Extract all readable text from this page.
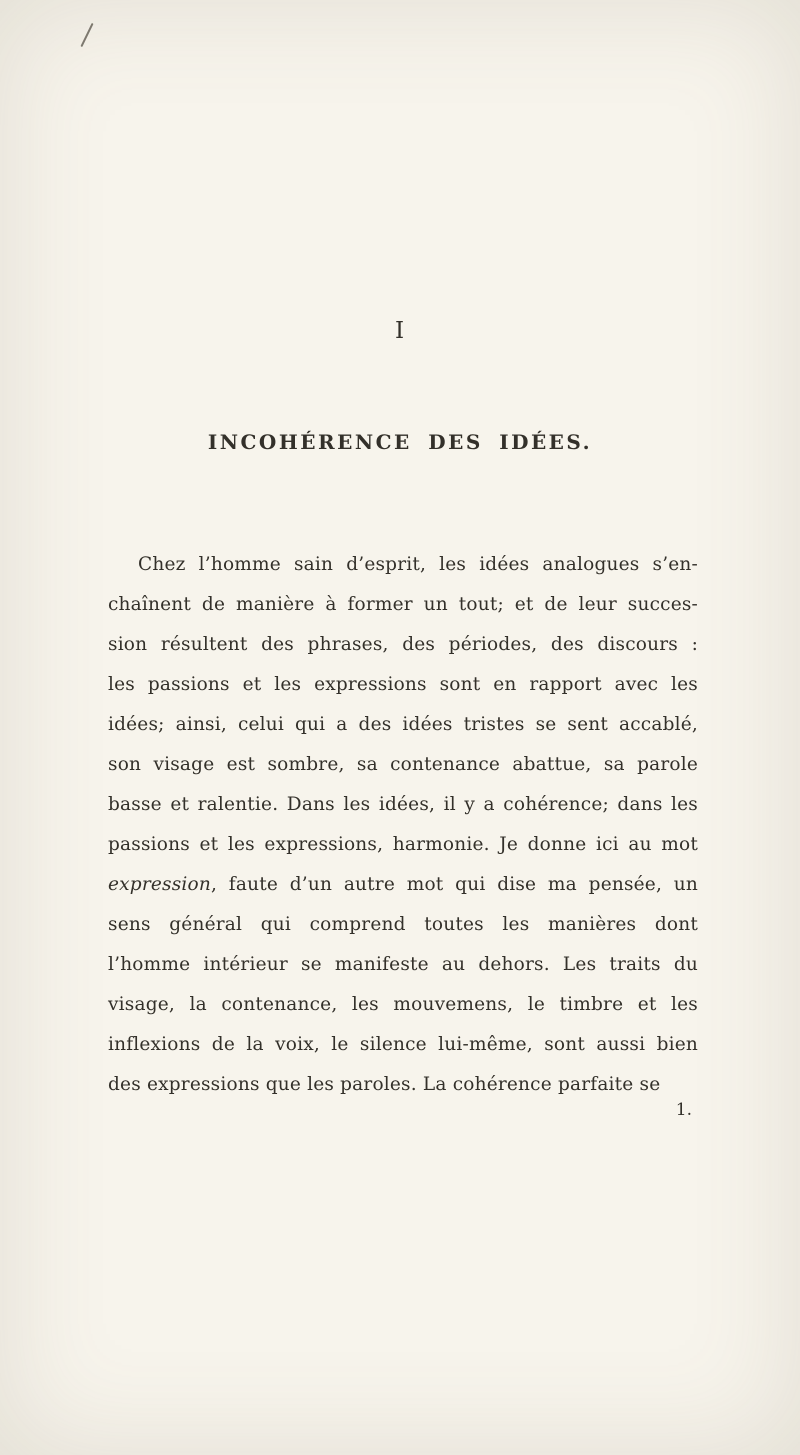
I
INCOHÉRENCE DES IDÉES.
Chez l’homme sain d’esprit, les idées analogues s’en-
chaînent de manière à former un tout; et de leur succes-
sion résultent des phrases, des périodes, des discours :
les passions et les expressions sont en rapport avec les
idées; ainsi, celui qui a des idées tristes se sent accablé,
son visage est sombre, sa contenance abattue, sa parole
basse et ralentie. Dans les idées, il y a cohérence; dans les
passions et les expressions, harmonie. Je donne ici au mot
expression, faute d’un autre mot qui dise ma pensée, un
sens général qui comprend toutes les manières dont
l’homme intérieur se manifeste au dehors. Les traits du
visage, la contenance, les mouvemens, le timbre et les
inflexions de la voix, le silence lui-même, sont aussi bien
des expressions que les paroles. La cohérence parfaite se
1.
